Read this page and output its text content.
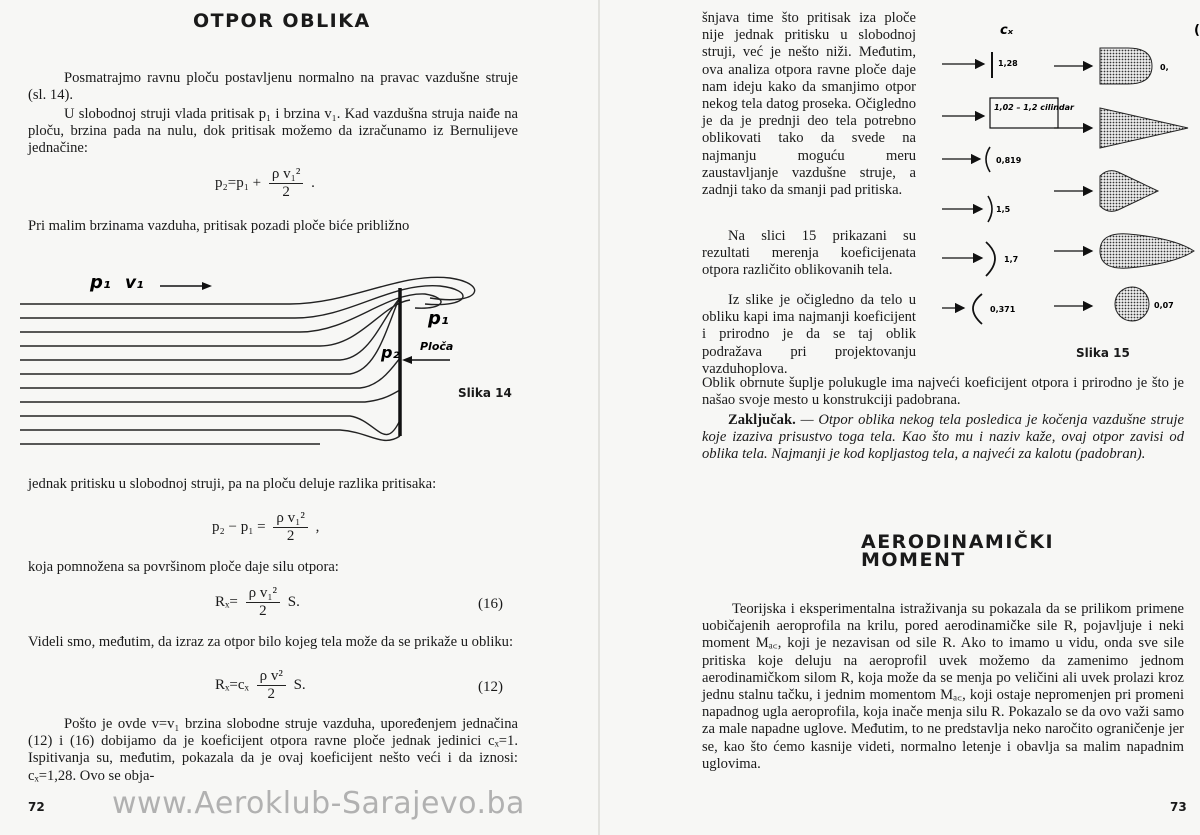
OTPOR OBLIKA

Posmatrajmo ravnu ploču postavljenu normalno na pravac vazdušne struje (sl. 14).

U slobodnoj struji vlada pritisak p₁ i brzina v₁. Kad vazdušna struja naiđe na ploču, brzina pada na nulu, dok pritisak možemo da izračunamo iz Bernulijeve jednačine:

$p_2=p_1 + \frac{\text{ρ v₁²}}{2}$ .

Pri malim brzinama vazduha, pritisak pozadi ploče biće približno

p₁ v₁
p₁
p₂ Ploča
Slika 14

jednak pritisku u slobodnoj struji, pa na ploču deluje razlika pritisaka:

$p_2 - p_1 = \frac{\text{ρ v₁²}}{2}$ ,

koja pomnožena sa površinom ploče daje silu otpora:

$R_x= \frac{\text{ρ v₁²}}{2} S$.	(16)

Videli smo, međutim, da izraz za otpor bilo kojeg tela može da se prikaže u obliku:

$R_x=c_x \frac{\text{ρ v²}}{2} S$.	(12)

Pošto je ovde v=v₁ brzina slobodne struje vazduha, upoređenjem jednačina (12) i (16) dobijamo da je koeficijent otpora ravne ploče jednak jedinici cₓ=1. Ispitivanja su, međutim, pokazala da je ovaj koeficijent nešto veći i da iznosi: cₓ=1,28. Ovo se obja-

72 www.Aeroklub-Sarajevo.ba

šnjava time što pritisak iza ploče nije jednak pritisku u slobodnoj struji, već je nešto niži. Međutim, ova analiza otpora ravne ploče daje nam ideju kako da smanjimo otpor nekog tela datog proseka. Očigledno je da je prednji deo tela potrebno oblikovati tako da svede na najmanju moguću meru zaustavljanje vazdušne struje, a zadnji tako da smanji pad pritiska.

Na slici 15 prikazani su rezultati merenja koeficijenata otpora različito oblikovanih tela.

Iz slike je očigledno da telo u obliku kapi ima najmanji koeficijent i prirodno je da se taj oblik podražava pri projektovanju vazduhoplova.

Oblik obrnute šuplje polukugle ima najveći koeficijent otpora i prirodno je što je našao svoje mesto u konstrukciji padobrana.

Zaključak. — Otpor oblika nekog tela posledica je kočenja vazdušne struje koje izaziva prisustvo toga tela. Kao što mu i naziv kaže, ovaj otpor zavisi od oblika tela. Najmanji je kod kopljastog tela, a najveći za kalotu (padobran).

AERODINAMIČKI
MOMENT

Teorijska i eksperimentalna istraživanja su pokazala da se prilikom primene uobičajenih aeroprofila na krilu, pored aerodinamičke sile R, pojavljuje i neki moment Mₐ꜀, koji je nezavisan od sile R. Ako to imamo u vidu, onda sve sile pritiska koje deluju na aeroprofil uvek možemo da zamenimo jednom aerodinamičkom silom R, koja može da se menja po veličini ali uvek prolazi kroz jednu stalnu tačku, i jednim momentom Mₐ꜀, koji ostaje nepromenjen pri promeni napadnog ugla aeroprofila, koja inače menja silu R. Pokazalo se da ovo važi samo za male napadne uglove. Međutim, to ne predstavlja neko naročito ograničenje jer se, kao što ćemo kasnije videti, normalno letenje i obavlja sa malim napadnim uglovima.

73
cₓ	(
1,28
1,02 – 1,2 cilindar
0,819
1,5
1,7
0,371
0,
0,07
Slika 15
